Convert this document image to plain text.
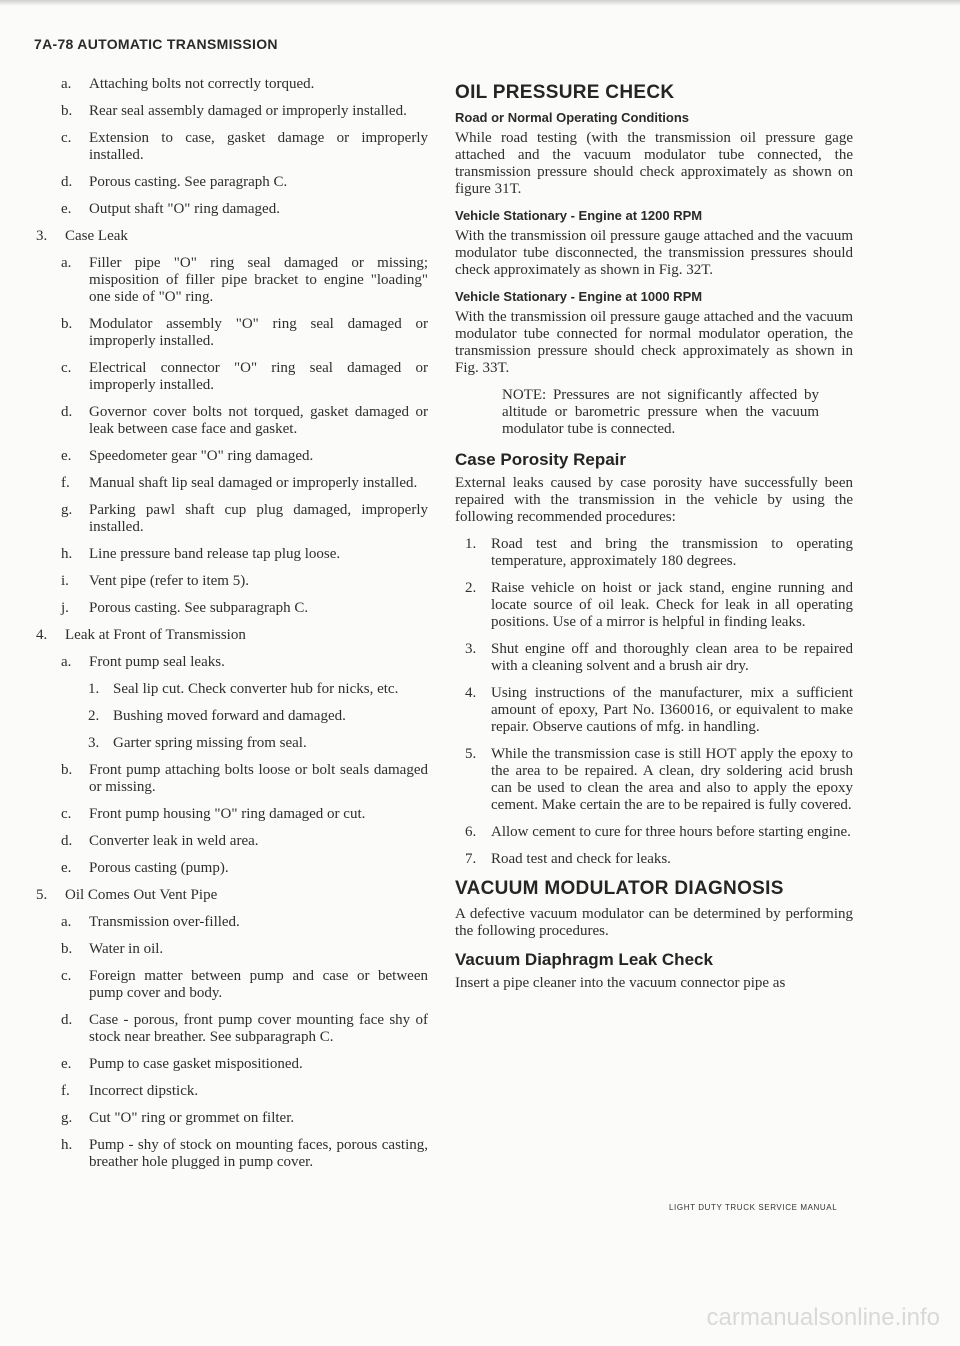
7A-78 AUTOMATIC TRANSMISSION
a. Attaching bolts not correctly torqued.
b. Rear seal assembly damaged or improperly installed.
c. Extension to case, gasket damage or improperly installed.
d. Porous casting. See paragraph C.
e. Output shaft "O" ring damaged.
3. Case Leak
a. Filler pipe "O" ring seal damaged or missing; misposition of filler pipe bracket to engine "loading" one side of "O" ring.
b. Modulator assembly "O" ring seal damaged or improperly installed.
c. Electrical connector "O" ring seal damaged or improperly installed.
d. Governor cover bolts not torqued, gasket damaged or leak between case face and gasket.
e. Speedometer gear "O" ring damaged.
f. Manual shaft lip seal damaged or improperly installed.
g. Parking pawl shaft cup plug damaged, improperly installed.
h. Line pressure band release tap plug loose.
i. Vent pipe (refer to item 5).
j. Porous casting. See subparagraph C.
4. Leak at Front of Transmission
a. Front pump seal leaks.
1. Seal lip cut. Check converter hub for nicks, etc.
2. Bushing moved forward and damaged.
3. Garter spring missing from seal.
b. Front pump attaching bolts loose or bolt seals damaged or missing.
c. Front pump housing "O" ring damaged or cut.
d. Converter leak in weld area.
e. Porous casting (pump).
5. Oil Comes Out Vent Pipe
a. Transmission over-filled.
b. Water in oil.
c. Foreign matter between pump and case or between pump cover and body.
d. Case - porous, front pump cover mounting face shy of stock near breather. See subparagraph C.
e. Pump to case gasket mispositioned.
f. Incorrect dipstick.
g. Cut "O" ring or grommet on filter.
h. Pump - shy of stock on mounting faces, porous casting, breather hole plugged in pump cover.
OIL PRESSURE CHECK
Road or Normal Operating Conditions
While road testing (with the transmission oil pressure gage attached and the vacuum modulator tube connected, the transmission pressure should check approximately as shown on figure 31T.
Vehicle Stationary - Engine at 1200 RPM
With the transmission oil pressure gauge attached and the vacuum modulator tube disconnected, the transmission pressures should check approximately as shown in Fig. 32T.
Vehicle Stationary - Engine at 1000 RPM
With the transmission oil pressure gauge attached and the vacuum modulator tube connected for normal modulator operation, the transmission pressure should check approximately as shown in Fig. 33T.
NOTE: Pressures are not significantly affected by altitude or barometric pressure when the vacuum modulator tube is connected.
Case Porosity Repair
External leaks caused by case porosity have successfully been repaired with the transmission in the vehicle by using the following recommended procedures:
1. Road test and bring the transmission to operating temperature, approximately 180 degrees.
2. Raise vehicle on hoist or jack stand, engine running and locate source of oil leak. Check for leak in all operating positions. Use of a mirror is helpful in finding leaks.
3. Shut engine off and thoroughly clean area to be repaired with a cleaning solvent and a brush air dry.
4. Using instructions of the manufacturer, mix a sufficient amount of epoxy, Part No. I360016, or equivalent to make repair. Observe cautions of mfg. in handling.
5. While the transmission case is still HOT apply the epoxy to the area to be repaired. A clean, dry soldering acid brush can be used to clean the area and also to apply the epoxy cement. Make certain the are to be repaired is fully covered.
6. Allow cement to cure for three hours before starting engine.
7. Road test and check for leaks.
VACUUM MODULATOR DIAGNOSIS
A defective vacuum modulator can be determined by performing the following procedures.
Vacuum Diaphragm Leak Check
Insert a pipe cleaner into the vacuum connector pipe as
LIGHT DUTY TRUCK SERVICE MANUAL
carmanualsonline.info
